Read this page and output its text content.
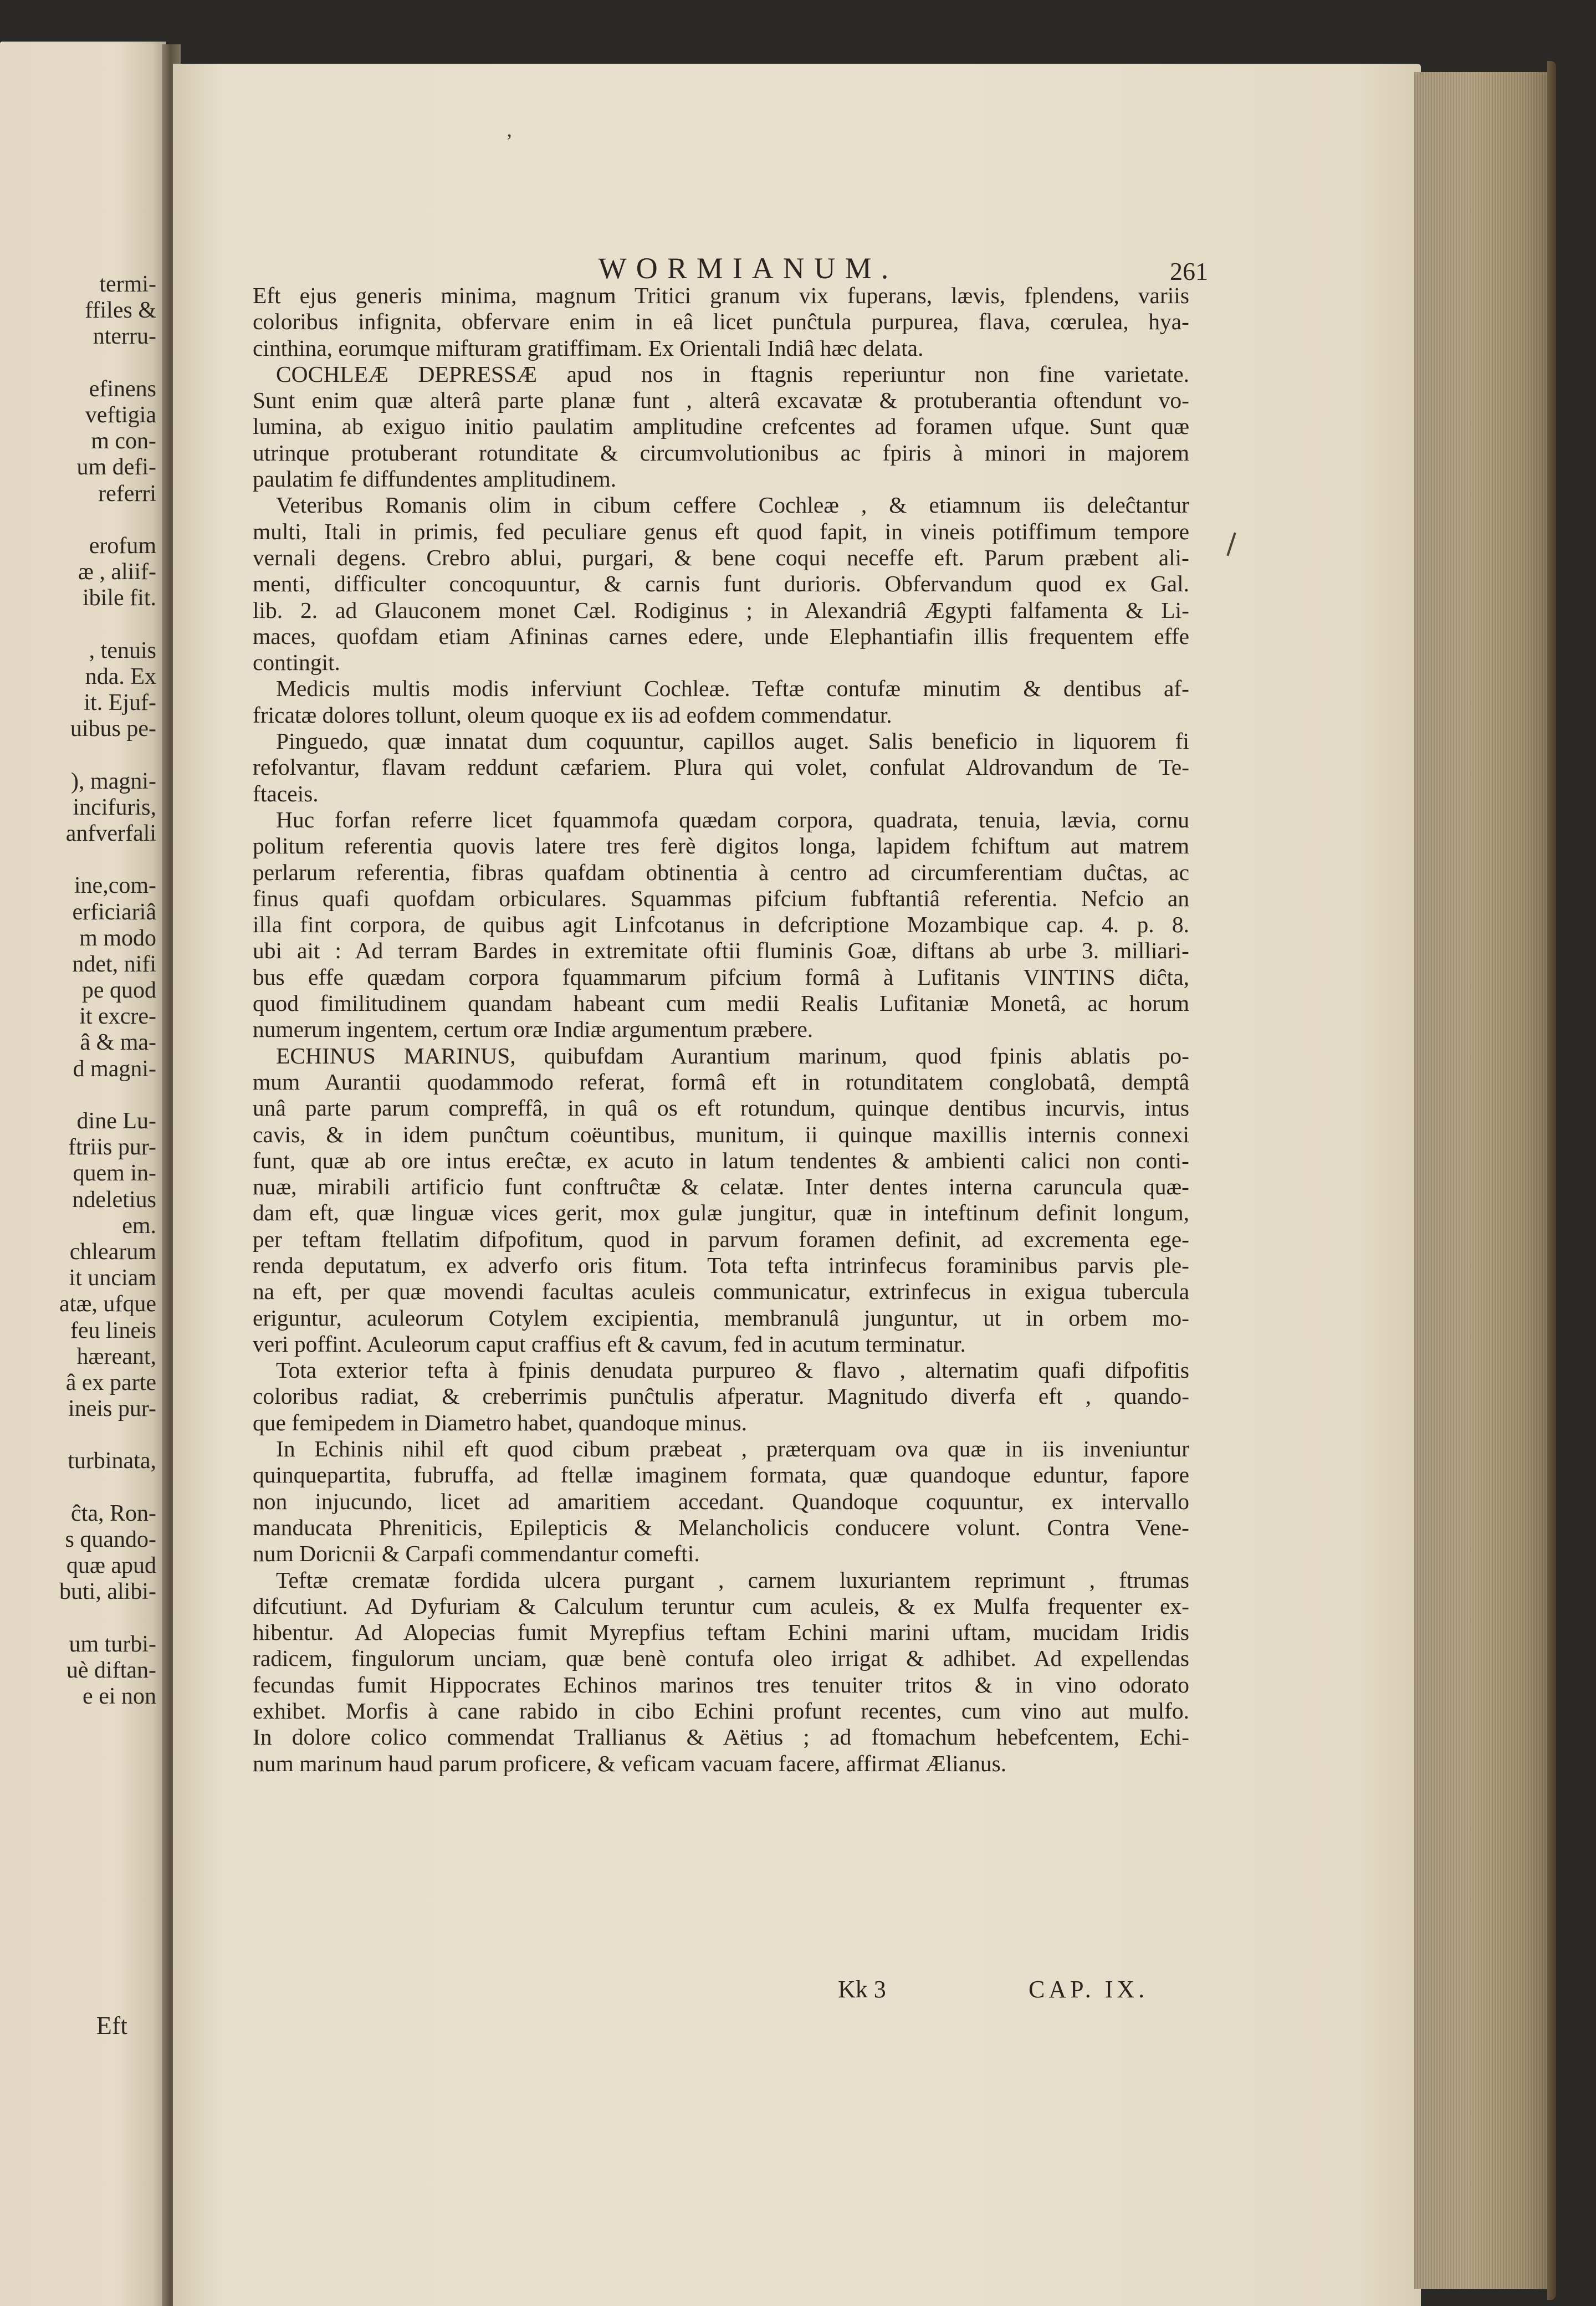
termi-
ffiles &
nterru-
efinens
veftigia
m con-
um defi-
referri
erofum
æ , aliif-
ibile fit.
, tenuis
nda. Ex
it. Ejuf-
uibus pe-
), magni-
incifuris,
anfverfali
ine,com-
erficiariâ
m modo
ndet, nifi
pe quod
it excre-
â & ma-
d magni-
dine Lu-
ftriis pur-
quem in-
ndeletius
em.
chlearum
it unciam
atæ, ufque
feu lineis
hæreant,
â ex parte
ineis pur-
turbinata,
ĉta, Ron-
s quando-
quæ apud
buti, alibi-
um turbi-
uè diftan-
e ei non
Eft
‚
WORMIANUM.	261
Eft ejus generis minima, magnum Tritici granum vix fuperans, lævis, fplendens, variis
coloribus infignita, obfervare enim in eâ licet punĉtula purpurea, flava, cœrulea, hya-
cinthina, eorumque mifturam gratiffimam. Ex Orientali Indiâ hæc delata.
COCHLEÆ DEPRESSÆ apud nos in ftagnis reperiuntur non fine varietate.
Sunt enim quæ alterâ parte planæ funt , alterâ excavatæ & protuberantia oftendunt vo-
lumina, ab exiguo initio paulatim amplitudine crefcentes ad foramen ufque. Sunt quæ
utrinque protuberant rotunditate & circumvolutionibus ac fpiris à minori in majorem
paulatim fe diffundentes amplitudinem.
Veteribus Romanis olim in cibum ceffere Cochleæ , & etiamnum iis deleĉtantur
multi, Itali in primis, fed peculiare genus eft quod fapit, in vineis potiffimum tempore
vernali degens. Crebro ablui, purgari, & bene coqui neceffe eft. Parum præbent ali-
menti, difficulter concoquuntur, & carnis funt durioris. Obfervandum quod ex Gal.
lib. 2. ad Glauconem monet Cæl. Rodiginus ; in Alexandriâ Ægypti falfamenta & Li-
maces, quofdam etiam Afininas carnes edere, unde Elephantiafin illis frequentem effe
contingit.
Medicis multis modis inferviunt Cochleæ. Teftæ contufæ minutim & dentibus af-
fricatæ dolores tollunt, oleum quoque ex iis ad eofdem commendatur.
Pinguedo, quæ innatat dum coquuntur, capillos auget. Salis beneficio in liquorem fi
refolvantur, flavam reddunt cæfariem. Plura qui volet, confulat Aldrovandum de Te-
ftaceis.
Huc forfan referre licet fquammofa quædam corpora, quadrata, tenuia, lævia, cornu
politum referentia quovis latere tres ferè digitos longa, lapidem fchiftum aut matrem
perlarum referentia, fibras quafdam obtinentia à centro ad circumferentiam duĉtas, ac
finus quafi quofdam orbiculares. Squammas pifcium fubftantiâ referentia. Nefcio an
illa fint corpora, de quibus agit Linfcotanus in defcriptione Mozambique cap. 4. p. 8.
ubi ait : Ad terram Bardes in extremitate oftii fluminis Goæ, diftans ab urbe 3. milliari-
bus effe quædam corpora fquammarum pifcium formâ à Lufitanis VINTINS diĉta,
quod fimilitudinem quandam habeant cum medii Realis Lufitaniæ Monetâ, ac horum
numerum ingentem, certum oræ Indiæ argumentum præbere.
ECHINUS MARINUS, quibufdam Aurantium marinum, quod fpinis ablatis po-
mum Aurantii quodammodo referat, formâ eft in rotunditatem conglobatâ, demptâ
unâ parte parum compreffâ, in quâ os eft rotundum, quinque dentibus incurvis, intus
cavis, & in idem punĉtum coëuntibus, munitum, ii quinque maxillis internis connexi
funt, quæ ab ore intus ereĉtæ, ex acuto in latum tendentes & ambienti calici non conti-
nuæ, mirabili artificio funt conftruĉtæ & celatæ. Inter dentes interna caruncula quæ-
dam eft, quæ linguæ vices gerit, mox gulæ jungitur, quæ in inteftinum definit longum,
per teftam ftellatim difpofitum, quod in parvum foramen definit, ad excrementa ege-
renda deputatum, ex adverfo oris fitum. Tota tefta intrinfecus foraminibus parvis ple-
na eft, per quæ movendi facultas aculeis communicatur, extrinfecus in exigua tubercula
eriguntur, aculeorum Cotylem excipientia, membranulâ junguntur, ut in orbem mo-
veri poffint. Aculeorum caput craffius eft & cavum, fed in acutum terminatur.
Tota exterior tefta à fpinis denudata purpureo & flavo , alternatim quafi difpofitis
coloribus radiat, & creberrimis punĉtulis afperatur. Magnitudo diverfa eft , quando-
que femipedem in Diametro habet, quandoque minus.
In Echinis nihil eft quod cibum præbeat , præterquam ova quæ in iis inveniuntur
quinquepartita, fubruffa, ad ftellæ imaginem formata, quæ quandoque eduntur, fapore
non injucundo, licet ad amaritiem accedant. Quandoque coquuntur, ex intervallo
manducata Phreniticis, Epilepticis & Melancholicis conducere volunt. Contra Vene-
num Doricnii & Carpafi commendantur comefti.
Teftæ crematæ fordida ulcera purgant , carnem luxuriantem reprimunt , ftrumas
difcutiunt. Ad Dyfuriam & Calculum teruntur cum aculeis, & ex Mulfa frequenter ex-
hibentur. Ad Alopecias fumit Myrepfius teftam Echini marini uftam, mucidam Iridis
radicem, fingulorum unciam, quæ benè contufa oleo irrigat & adhibet. Ad expellendas
fecundas fumit Hippocrates Echinos marinos tres tenuiter tritos & in vino odorato
exhibet. Morfis à cane rabido in cibo Echini profunt recentes, cum vino aut mulfo.
In dolore colico commendat Trallianus & Aëtius ; ad ftomachum hebefcentem, Echi-
num marinum haud parum proficere, & veficam vacuam facere, affirmat Ælianus.
Kk 3	CAP. IX.
